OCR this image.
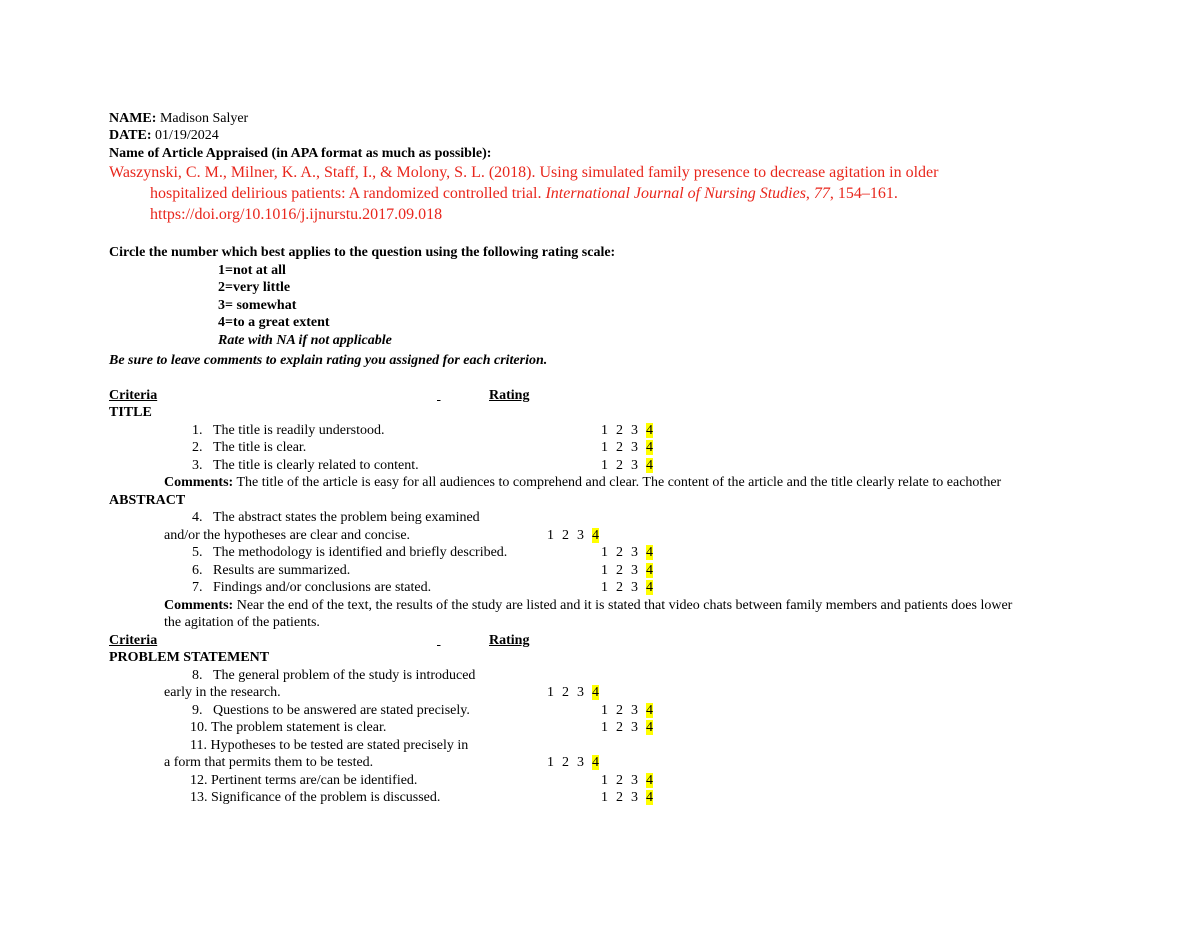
NAME: Madison Salyer
DATE: 01/19/2024
Name of Article Appraised (in APA format as much as possible):
Waszynski, C. M., Milner, K. A., Staff, I., & Molony, S. L. (2018). Using simulated family presence to decrease agitation in older
hospitalized delirious patients: A randomized controlled trial. International Journal of Nursing Studies, 77, 154–161.
https://doi.org/10.1016/j.ijnurstu.2017.09.018
Circle the number which best applies to the question using the following rating scale:
1=not at all
2=very little
3= somewhat
4=to a great extent
Rate with NA if not applicable
Be sure to leave comments to explain rating you assigned for each criterion.
Criteria	Rating
TITLE
1. The title is readily understood.	1 2 3 4
2. The title is clear.	1 2 3 4
3. The title is clearly related to content.	1 2 3 4
Comments: The title of the article is easy for all audiences to comprehend and clear. The content of the article and the title clearly relate to eachother
ABSTRACT
4. The abstract states the problem being examined
and/or the hypotheses are clear and concise.	1 2 3 4
5. The methodology is identified and briefly described.	1 2 3 4
6. Results are summarized.	1 2 3 4
7. Findings and/or conclusions are stated.	1 2 3 4
Comments: Near the end of the text, the results of the study are listed and it is stated that video chats between family members and patients does lower
the agitation of the patients.
Criteria	Rating
PROBLEM STATEMENT
8. The general problem of the study is introduced
early in the research.	1 2 3 4
9. Questions to be answered are stated precisely.	1 2 3 4
10. The problem statement is clear.	1 2 3 4
11. Hypotheses to be tested are stated precisely in
a form that permits them to be tested.	1 2 3 4
12. Pertinent terms are/can be identified.	1 2 3 4
13. Significance of the problem is discussed.	1 2 3 4
